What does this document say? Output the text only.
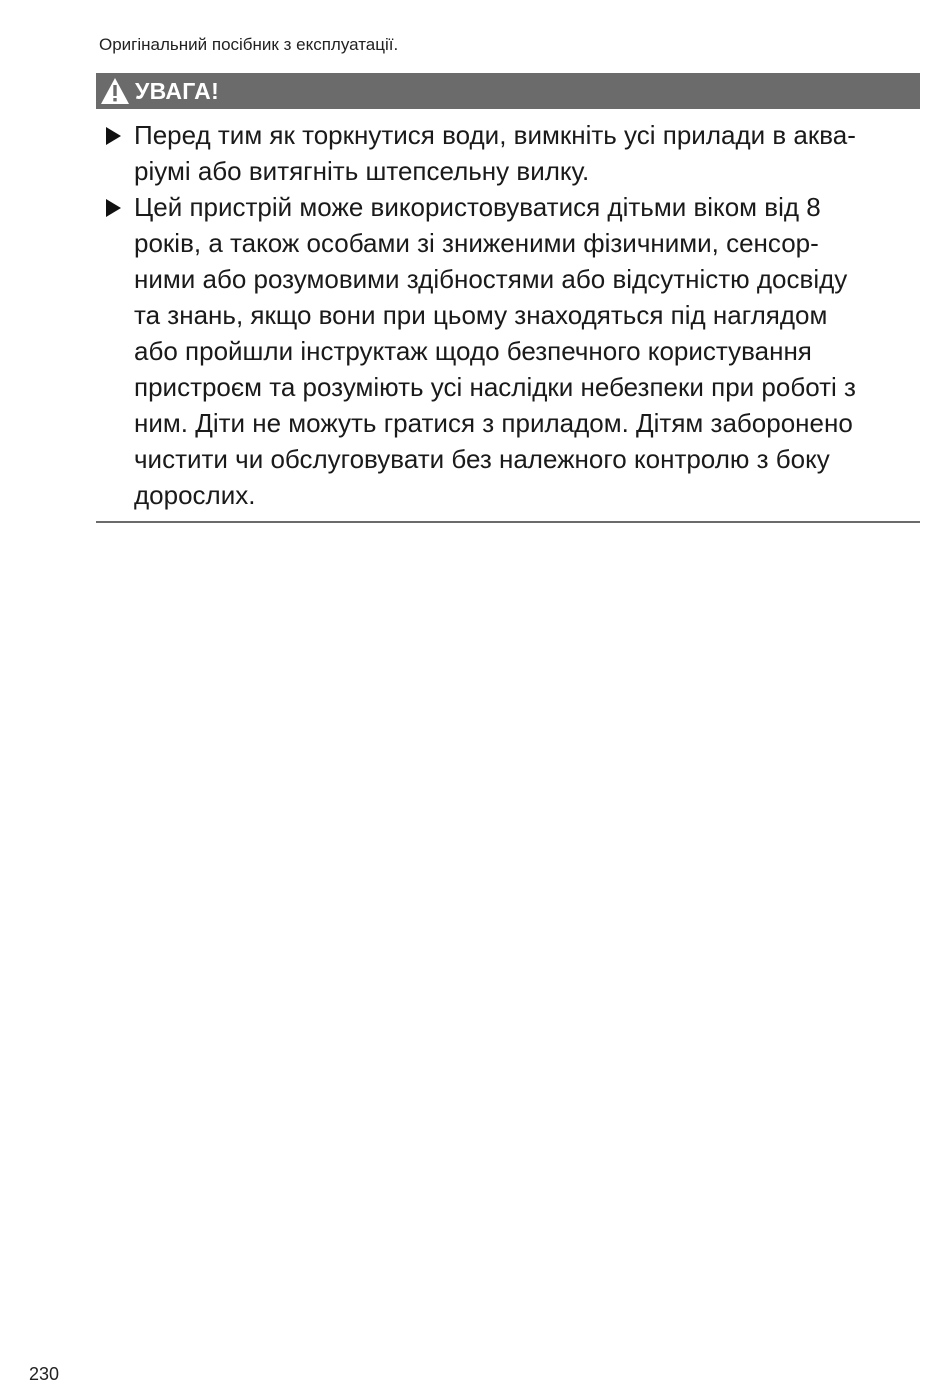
Оригінальний посібник з експлуатації.
УВАГА!
Перед тим як торкнутися води, вимкніть усі прилади в аква-
ріумі або витягніть штепсельну вилку.
Цей пристрій може використовуватися дітьми віком від 8
років, а також особами зі зниженими фізичними, сенсор-
ними або розумовими здібностями або відсутністю досвіду
та знань, якщо вони при цьому знаходяться під наглядом
або пройшли інструктаж щодо безпечного користування
пристроєм та розуміють усі наслідки небезпеки при роботі з
ним. Діти не можуть гратися з приладом. Дітям заборонено
чистити чи обслуговувати без належного контролю з боку
дорослих.
230
